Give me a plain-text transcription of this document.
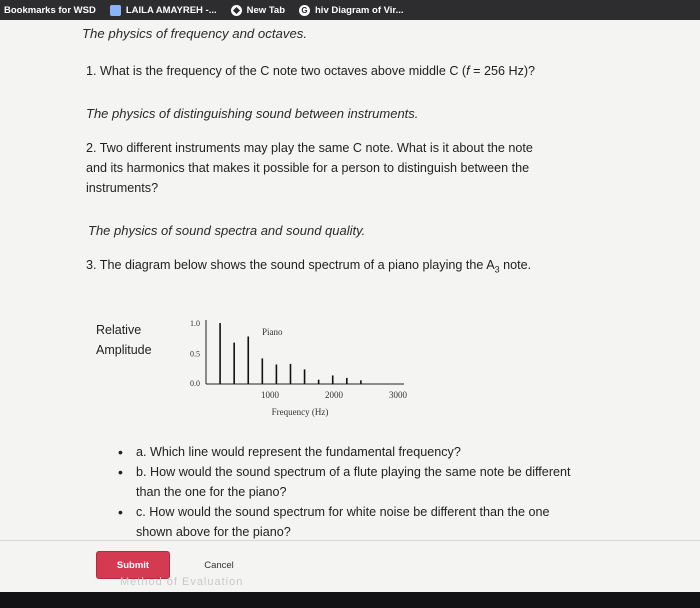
Bookmarks for WSD	LAILA AMAYREH -...	New Tab G hiv Diagram of Vir...
The physics of frequency and octaves.
1. What is the frequency of the C note two octaves above middle C (f = 256 Hz)?
The physics of distinguishing sound between instruments.
2. Two different instruments may play the same C note. What is it about the note
and its harmonics that makes it possible for a person to distinguish between the
instruments?
The physics of sound spectra and sound quality.
3. The diagram below shows the sound spectrum of a piano playing the $A_3$ note.
Relative
Amplitude
Piano
Frequency (Hz)
0.0
0.5
1.0
1000	2000	3000
• a. Which line would represent the fundamental frequency?
• b. How would the sound spectrum of a flute playing the same note be different
than the one for the piano?
• c. How would the sound spectrum for white noise be different than the one
shown above for the piano?
Submit	Cancel
Method of Evaluation
